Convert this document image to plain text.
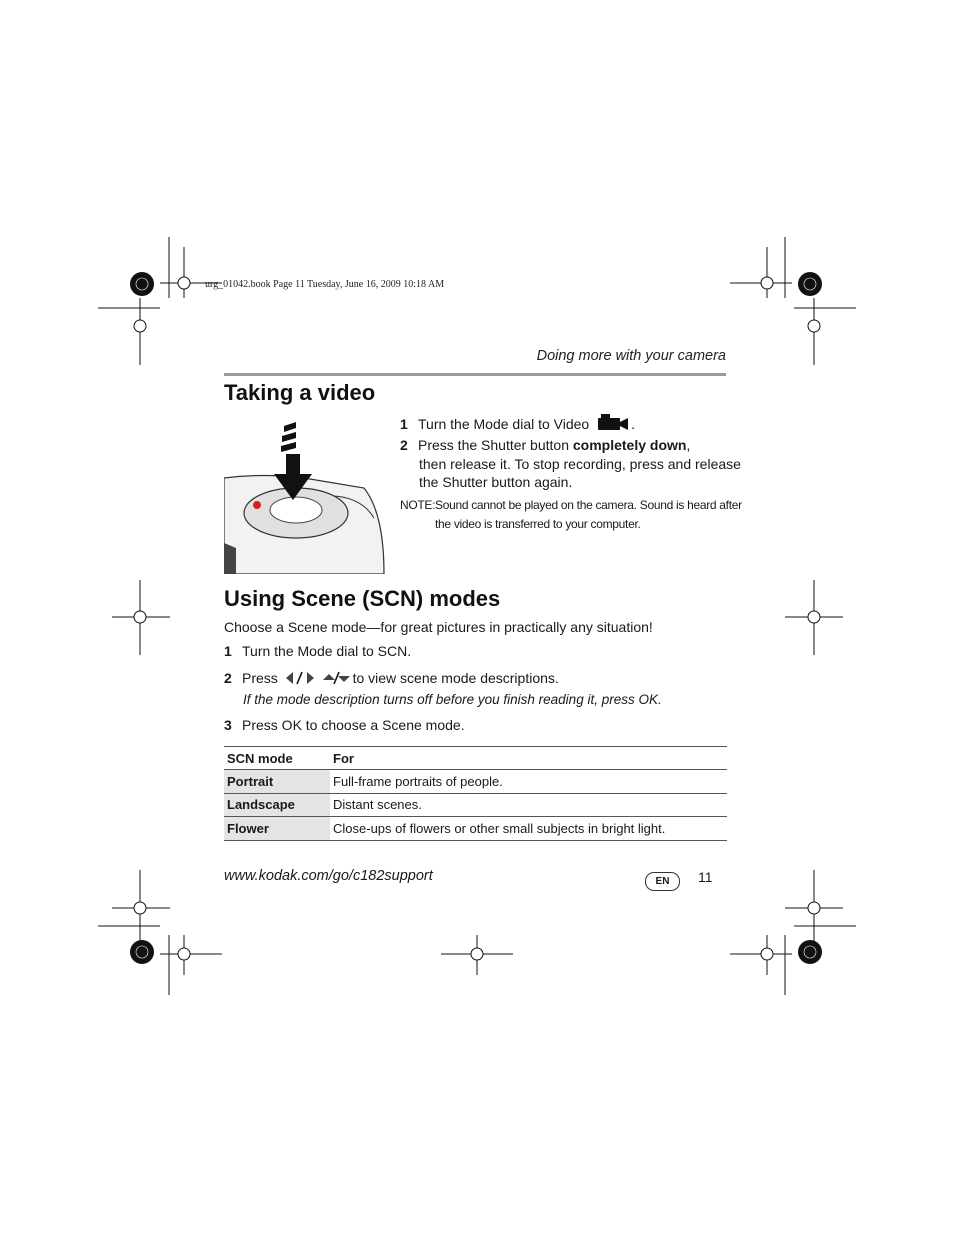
urg_01042.book Page 11 Tuesday, June 16, 2009 10:18 AM
Doing more with your camera
Taking a video
1 Turn the Mode dial to Video	.
2 Press the Shutter button completely down,
then release it. To stop recording, press and release
the Shutter button again.
NOTE: Sound cannot be played on the camera. Sound is heard after
the video is transferred to your computer.
Using Scene (SCN) modes
Choose a Scene mode—for great pictures in practically any situation!
1 Turn the Mode dial to SCN.
2 Press	to view scene mode descriptions.
If the mode description turns off before you finish reading it, press OK.
3 Press OK to choose a Scene mode.
SCN mode	For
Portrait	Full-frame portraits of people.
Landscape	Distant scenes.
Flower	Close-ups of flowers or other small subjects in bright light.
www.kodak.com/go/c182support	EN	11
